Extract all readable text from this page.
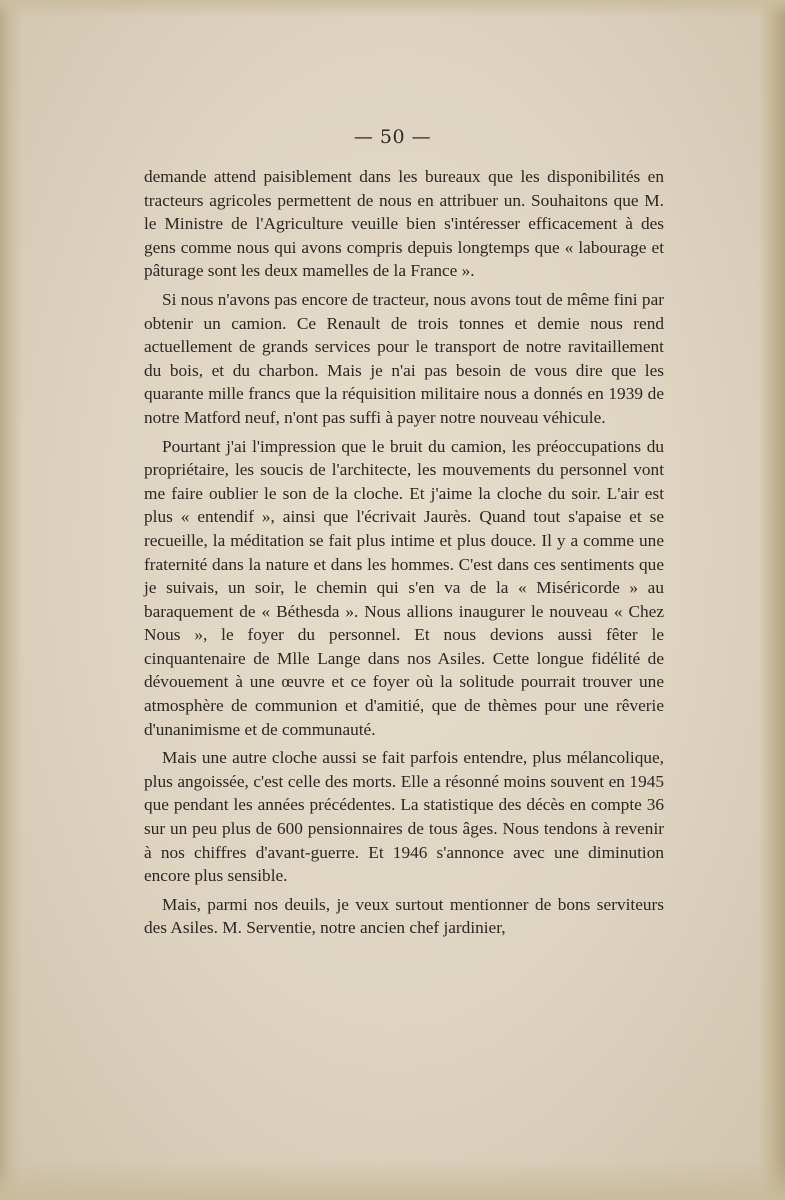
— 50 —

demande attend paisiblement dans les bureaux que les disponibilités en tracteurs agricoles permettent de nous en attribuer un. Souhaitons que M. le Ministre de l'Agriculture veuille bien s'intéresser efficacement à des gens comme nous qui avons compris depuis longtemps que « labourage et pâturage sont les deux mamelles de la France ».

Si nous n'avons pas encore de tracteur, nous avons tout de même fini par obtenir un camion. Ce Renault de trois tonnes et demie nous rend actuellement de grands services pour le transport de notre ravitaillement du bois, et du charbon. Mais je n'ai pas besoin de vous dire que les quarante mille francs que la réquisition militaire nous a donnés en 1939 de notre Matford neuf, n'ont pas suffi à payer notre nouveau véhicule.

Pourtant j'ai l'impression que le bruit du camion, les préoccupations du propriétaire, les soucis de l'architecte, les mouvements du personnel vont me faire oublier le son de la cloche. Et j'aime la cloche du soir. L'air est plus « entendif », ainsi que l'écrivait Jaurès. Quand tout s'apaise et se recueille, la méditation se fait plus intime et plus douce. Il y a comme une fraternité dans la nature et dans les hommes. C'est dans ces sentiments que je suivais, un soir, le chemin qui s'en va de la « Miséricorde » au baraquement de « Béthesda ». Nous allions inaugurer le nouveau « Chez Nous », le foyer du personnel. Et nous devions aussi fêter le cinquantenaire de Mlle Lange dans nos Asiles. Cette longue fidélité de dévouement à une œuvre et ce foyer où la solitude pourrait trouver une atmosphère de communion et d'amitié, que de thèmes pour une rêverie d'unanimisme et de communauté.

Mais une autre cloche aussi se fait parfois entendre, plus mélancolique, plus angoissée, c'est celle des morts. Elle a résonné moins souvent en 1945 que pendant les années précédentes. La statistique des décès en compte 36 sur un peu plus de 600 pensionnaires de tous âges. Nous tendons à revenir à nos chiffres d'avant-guerre. Et 1946 s'annonce avec une diminution encore plus sensible.

Mais, parmi nos deuils, je veux surtout mentionner de bons serviteurs des Asiles. M. Serventie, notre ancien chef jardinier,
